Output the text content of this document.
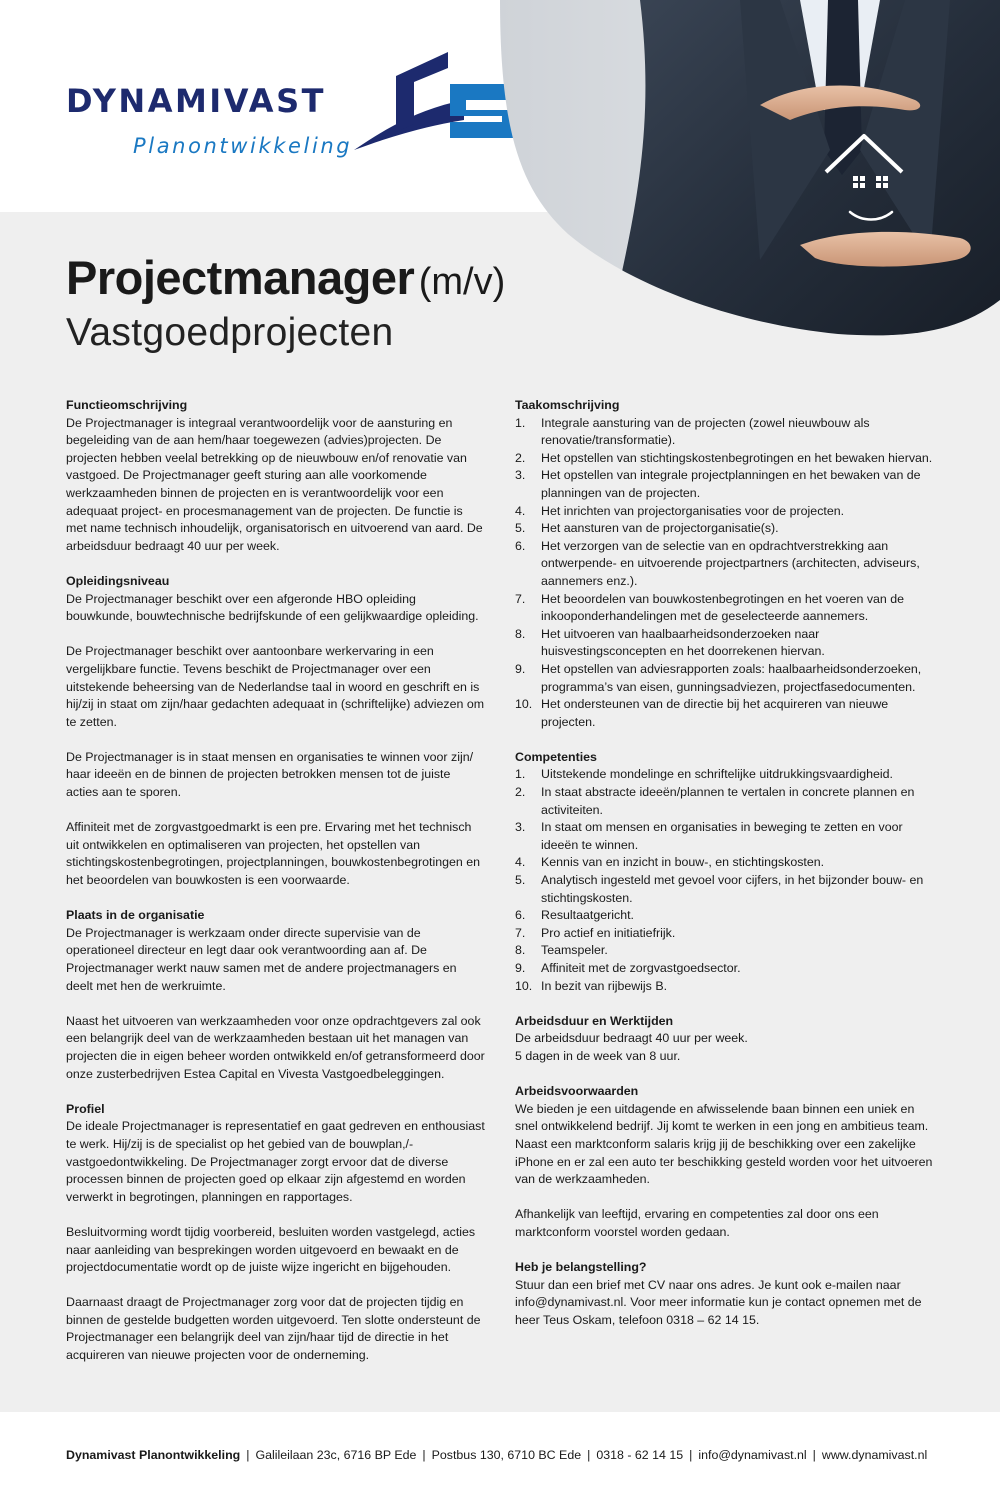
DYNAMIVAST
Planontwikkeling
Projectmanager (m/v)
Vastgoedprojecten
Functieomschrijving
De Projectmanager is integraal verantwoordelijk voor de aansturing en begeleiding van de aan hem/haar toegewezen (advies)projecten. De projecten hebben veelal betrekking op de nieuwbouw en/of renovatie van vastgoed. De Projectmanager geeft sturing aan alle voorkomende werkzaamheden binnen de projecten en is verantwoordelijk voor een adequaat project- en procesmanagement van de projecten. De functie is met name technisch inhoudelijk, organisatorisch en uitvoerend van aard. De arbeidsduur bedraagt 40 uur per week.
Opleidingsniveau
De Projectmanager beschikt over een afgeronde HBO opleiding bouwkunde, bouwtechnische bedrijfskunde of een gelijkwaardige opleiding.
De Projectmanager beschikt over aantoonbare werkervaring in een vergelijkbare functie. Tevens beschikt de Projectmanager over een uitstekende beheersing van de Nederlandse taal in woord en geschrift en is hij/zij in staat om zijn/haar gedachten adequaat in (schriftelijke) adviezen om te zetten.
De Projectmanager is in staat mensen en organisaties te winnen voor zijn/ haar ideeën en de binnen de projecten betrokken mensen tot de juiste acties aan te sporen.
Affiniteit met de zorgvastgoedmarkt is een pre. Ervaring met het technisch uit ontwikkelen en optimaliseren van projecten, het opstellen van stichtingskostenbegrotingen, projectplanningen, bouwkostenbegrotingen en het beoordelen van bouwkosten is een voorwaarde.
Plaats in de organisatie
De Projectmanager is werkzaam onder directe supervisie van de operationeel directeur en legt daar ook verantwoording aan af. De Projectmanager werkt nauw samen met de andere projectmanagers en deelt met hen de werkruimte.
Naast het uitvoeren van werkzaamheden voor onze opdrachtgevers zal ook een belangrijk deel van de werkzaamheden bestaan uit het managen van projecten die in eigen beheer worden ontwikkeld en/of getransformeerd door onze zusterbedrijven Estea Capital en Vivesta Vastgoedbeleggingen.
Profiel
De ideale Projectmanager is representatief en gaat gedreven en enthousiast te werk. Hij/zij is de specialist op het gebied van de bouwplan,/- vastgoedontwikkeling. De Projectmanager zorgt ervoor dat de diverse processen binnen de projecten goed op elkaar zijn afgestemd en worden verwerkt in begrotingen, planningen en rapportages.
Besluitvorming wordt tijdig voorbereid, besluiten worden vastgelegd, acties naar aanleiding van besprekingen worden uitgevoerd en bewaakt en de projectdocumentatie wordt op de juiste wijze ingericht en bijgehouden.
Daarnaast draagt de Projectmanager zorg voor dat de projecten tijdig en binnen de gestelde budgetten worden uitgevoerd. Ten slotte ondersteunt de Projectmanager een belangrijk deel van zijn/haar tijd de directie in het acquireren van nieuwe projecten voor de onderneming.
Taakomschrijving
1. Integrale aansturing van de projecten (zowel nieuwbouw als renovatie/transformatie).
2. Het opstellen van stichtingskostenbegrotingen en het bewaken hiervan.
3. Het opstellen van integrale projectplanningen en het bewaken van de planningen van de projecten.
4. Het inrichten van projectorganisaties voor de projecten.
5. Het aansturen van de projectorganisatie(s).
6. Het verzorgen van de selectie van en opdrachtverstrekking aan ontwerpende- en uitvoerende projectpartners (architecten, adviseurs, aannemers enz.).
7. Het beoordelen van bouwkostenbegrotingen en het voeren van de inkooponderhandelingen met de geselecteerde aannemers.
8. Het uitvoeren van haalbaarheidsonderzoeken naar huisvestingsconcepten en het doorrekenen hiervan.
9. Het opstellen van adviesrapporten zoals: haalbaarheidsonderzoeken, programma’s van eisen, gunningsadviezen, projectfasedocumenten.
10. Het ondersteunen van de directie bij het acquireren van nieuwe projecten.
Competenties
1. Uitstekende mondelinge en schriftelijke uitdrukkingsvaardigheid.
2. In staat abstracte ideeën/plannen te vertalen in concrete plannen en activiteiten.
3. In staat om mensen en organisaties in beweging te zetten en voor ideeën te winnen.
4. Kennis van en inzicht in bouw-, en stichtingskosten.
5. Analytisch ingesteld met gevoel voor cijfers, in het bijzonder bouw- en stichtingskosten.
6. Resultaatgericht.
7. Pro actief en initiatiefrijk.
8. Teamspeler.
9. Affiniteit met de zorgvastgoedsector.
10. In bezit van rijbewijs B.
Arbeidsduur en Werktijden
De arbeidsduur bedraagt 40 uur per week.
5 dagen in de week van 8 uur.
Arbeidsvoorwaarden
We bieden je een uitdagende en afwisselende baan binnen een uniek en snel ontwikkelend bedrijf. Jij komt te werken in een jong en ambitieus team. Naast een marktconform salaris krijg jij de beschikking over een zakelijke iPhone en er zal een auto ter beschikking gesteld worden voor het uitvoeren van de werkzaamheden.
Afhankelijk van leeftijd, ervaring en competenties zal door ons een marktconform voorstel worden gedaan.
Heb je belangstelling?
Stuur dan een brief met CV naar ons adres. Je kunt ook e-mailen naar info@dynamivast.nl. Voor meer informatie kun je contact opnemen met de heer Teus Oskam, telefoon 0318 – 62 14 15.
Dynamivast Planontwikkeling | Galileilaan 23c, 6716 BP Ede | Postbus 130, 6710 BC Ede | 0318 - 62 14 15 | info@dynamivast.nl | www.dynamivast.nl
